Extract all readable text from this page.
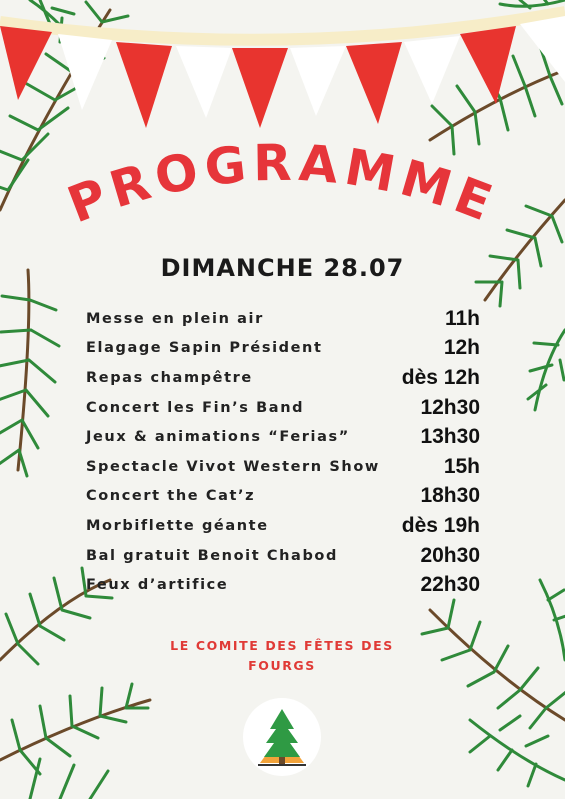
PROGRAMME
DIMANCHE 28.07
Messe en plein air	11h
Elagage Sapin Président	12h
Repas champêtre	dès 12h
Concert les Fin’s Band	12h30
Jeux & animations “Ferias”	13h30
Spectacle Vivot Western Show	15h
Concert the Cat’z	18h30
Morbiflette géante	dès 19h
Bal gratuit Benoit Chabod	20h30
Feux d’artifice	22h30
LE COMITE DES FÊTES DES FOURGS
